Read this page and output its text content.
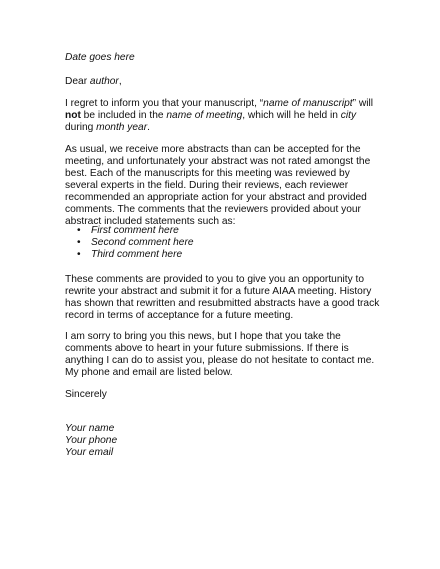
Date goes here
Dear author,
I regret to inform you that your manuscript, “name of manuscript” will
not be included in the name of meeting, which will he held in city
during month year.
As usual, we receive more abstracts than can be accepted for the
meeting, and unfortunately your abstract was not rated amongst the
best. Each of the manuscripts for this meeting was reviewed by
several experts in the field. During their reviews, each reviewer
recommended an appropriate action for your abstract and provided
comments. The comments that the reviewers provided about your
abstract included statements such as:
• First comment here
• Second comment here
• Third comment here
These comments are provided to you to give you an opportunity to
rewrite your abstract and submit it for a future AIAA meeting. History
has shown that rewritten and resubmitted abstracts have a good track
record in terms of acceptance for a future meeting.
I am sorry to bring you this news, but I hope that you take the
comments above to heart in your future submissions. If there is
anything I can do to assist you, please do not hesitate to contact me.
My phone and email are listed below.
Sincerely
Your name
Your phone
Your email
